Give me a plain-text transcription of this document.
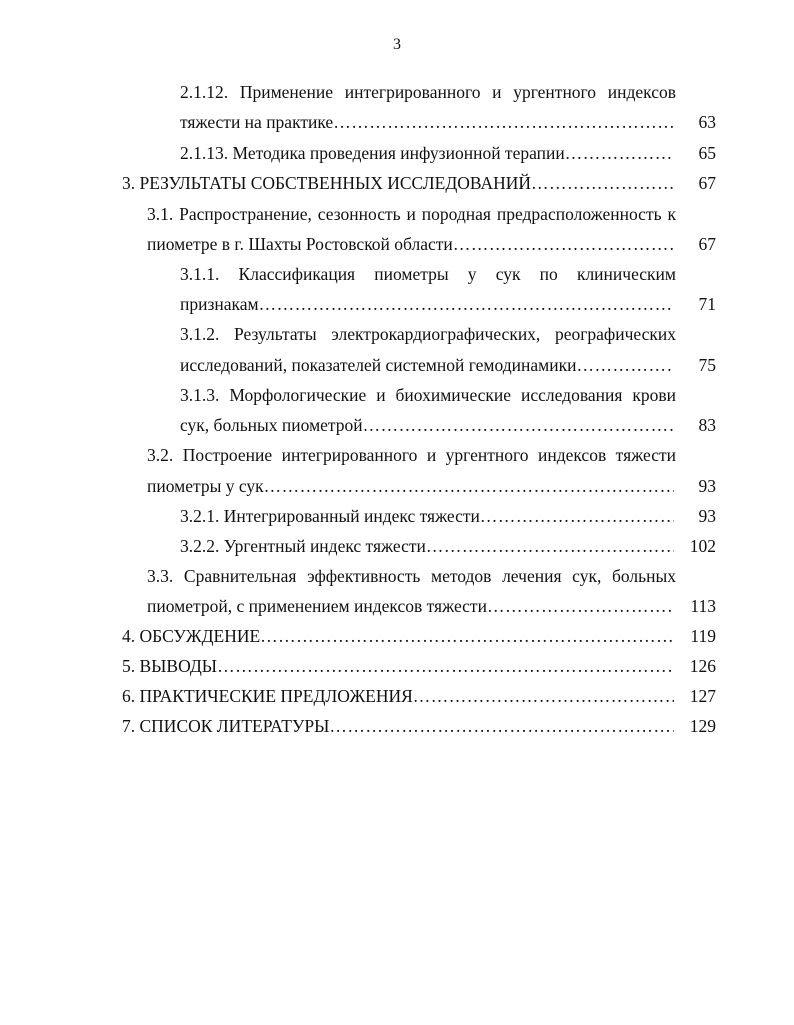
3
2.1.12. Применение интегрированного и ургентного индексов
тяжести на практике ………………………………………………………………………………………………………………………………………………	63
2.1.13. Методика проведения инфузионной терапии ………………………………………………………………………………………………………………………………………………	65
3. РЕЗУЛЬТАТЫ СОБСТВЕННЫХ ИССЛЕДОВАНИЙ ………………………………………………………………………………………………………………………………………………	67
3.1. Распространение, сезонность и породная предрасположенность к
пиометре в г. Шахты Ростовской области ………………………………………………………………………………………………………………………………………………	67
3.1.1. Классификация пиометры у сук по клиническим
признакам ………………………………………………………………………………………………………………………………………………	71
3.1.2. Результаты электрокардиографических, реографических
исследований, показателей системной гемодинамики ………………………………………………………………………………………………………………………………………………	75
3.1.3. Морфологические и биохимические исследования крови
сук, больных пиометрой ………………………………………………………………………………………………………………………………………………	83
3.2. Построение интегрированного и ургентного индексов тяжести
пиометры у сук ………………………………………………………………………………………………………………………………………………	93
3.2.1. Интегрированный индекс тяжести ………………………………………………………………………………………………………………………………………………	93
3.2.2. Ургентный индекс тяжести ………………………………………………………………………………………………………………………………………………	102
3.3. Сравнительная эффективность методов лечения сук, больных
пиометрой, с применением индексов тяжести ………………………………………………………………………………………………………………………………………………	113
4. ОБСУЖДЕНИЕ ………………………………………………………………………………………………………………………………………………	119
5. ВЫВОДЫ ………………………………………………………………………………………………………………………………………………	126
6. ПРАКТИЧЕСКИЕ ПРЕДЛОЖЕНИЯ ………………………………………………………………………………………………………………………………………………	127
7. СПИСОК ЛИТЕРАТУРЫ ………………………………………………………………………………………………………………………………………………	129
